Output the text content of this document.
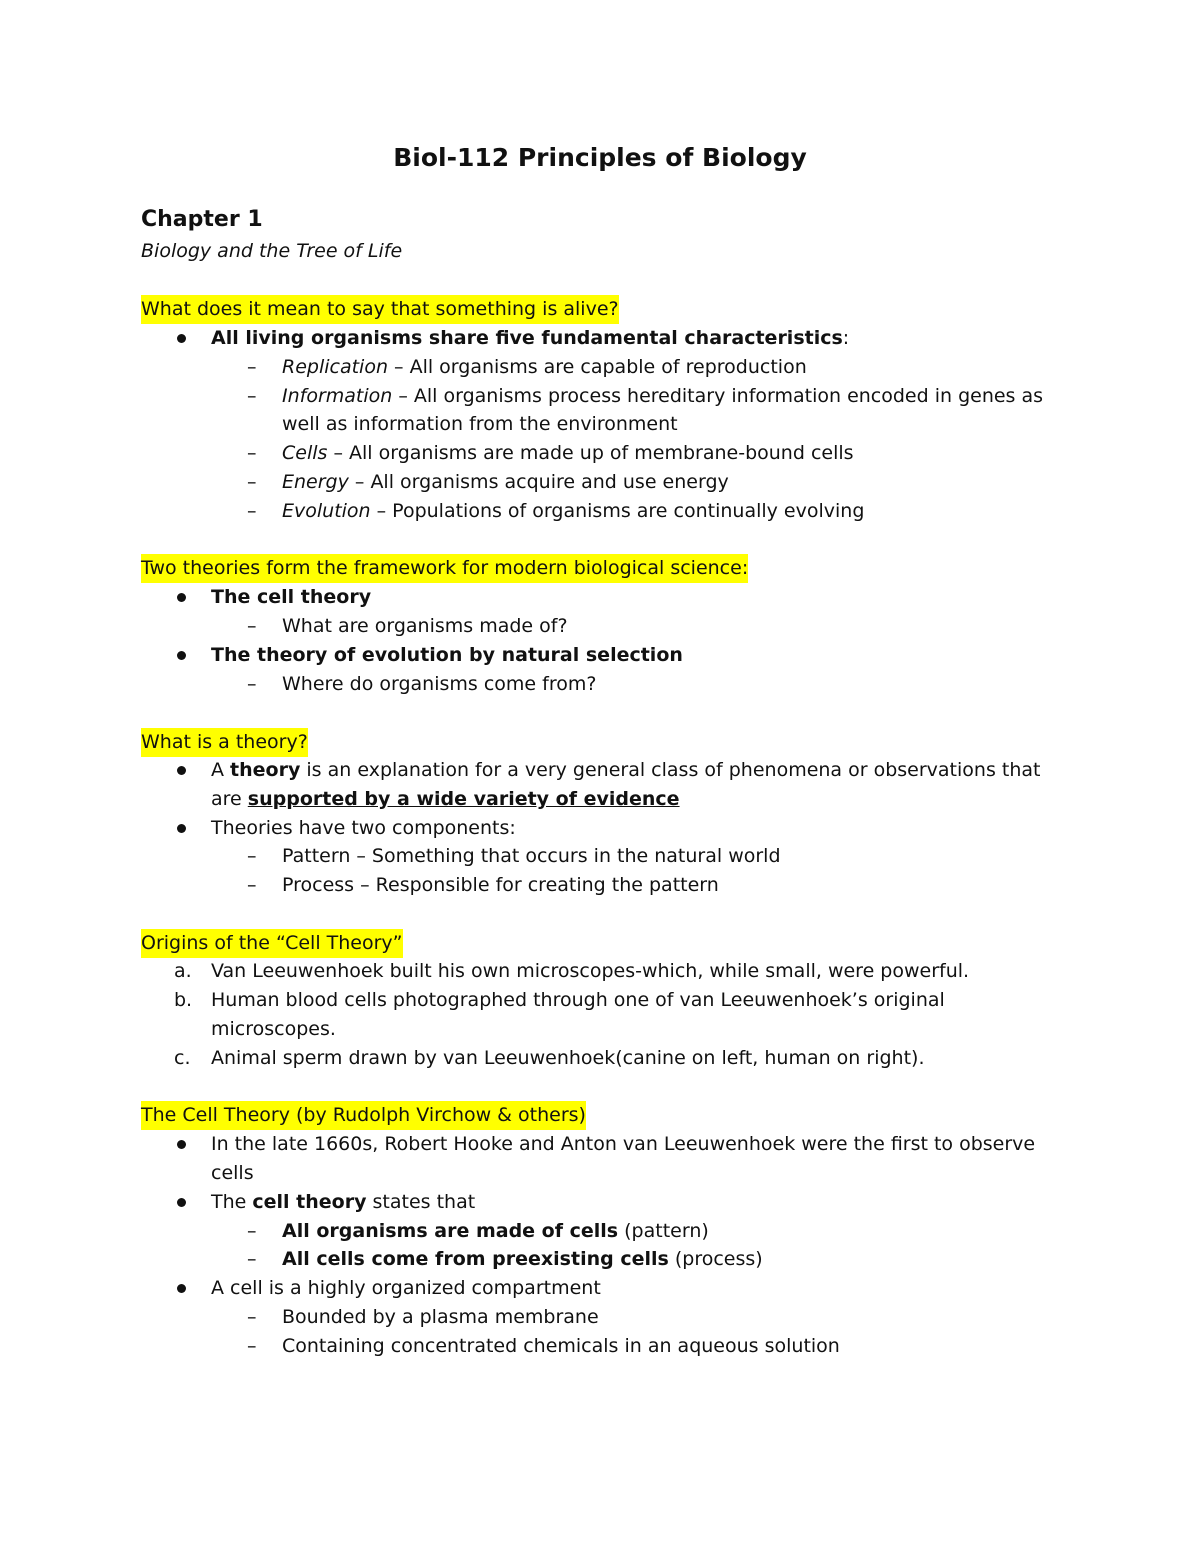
Biol-112 Principles of Biology
Chapter 1
Biology and the Tree of Life
What does it mean to say that something is alive?
All living organisms share five fundamental characteristics:
– Replication – All organisms are capable of reproduction
– Information – All organisms process hereditary information encoded in genes as
well as information from the environment
– Cells – All organisms are made up of membrane-bound cells
– Energy – All organisms acquire and use energy
– Evolution – Populations of organisms are continually evolving
Two theories form the framework for modern biological science:
The cell theory
– What are organisms made of?
The theory of evolution by natural selection
– Where do organisms come from?
What is a theory?
A theory is an explanation for a very general class of phenomena or observations that
are supported by a wide variety of evidence
Theories have two components:
– Pattern – Something that occurs in the natural world
– Process – Responsible for creating the pattern
Origins of the “Cell Theory”
a. Van Leeuwenhoek built his own microscopes-which, while small, were powerful.
b. Human blood cells photographed through one of van Leeuwenhoek’s original
microscopes.
c. Animal sperm drawn by van Leeuwenhoek(canine on left, human on right).
The Cell Theory (by Rudolph Virchow & others)
In the late 1660s, Robert Hooke and Anton van Leeuwenhoek were the first to observe
cells
The cell theory states that
– All organisms are made of cells (pattern)
– All cells come from preexisting cells (process)
A cell is a highly organized compartment
– Bounded by a plasma membrane
– Containing concentrated chemicals in an aqueous solution
